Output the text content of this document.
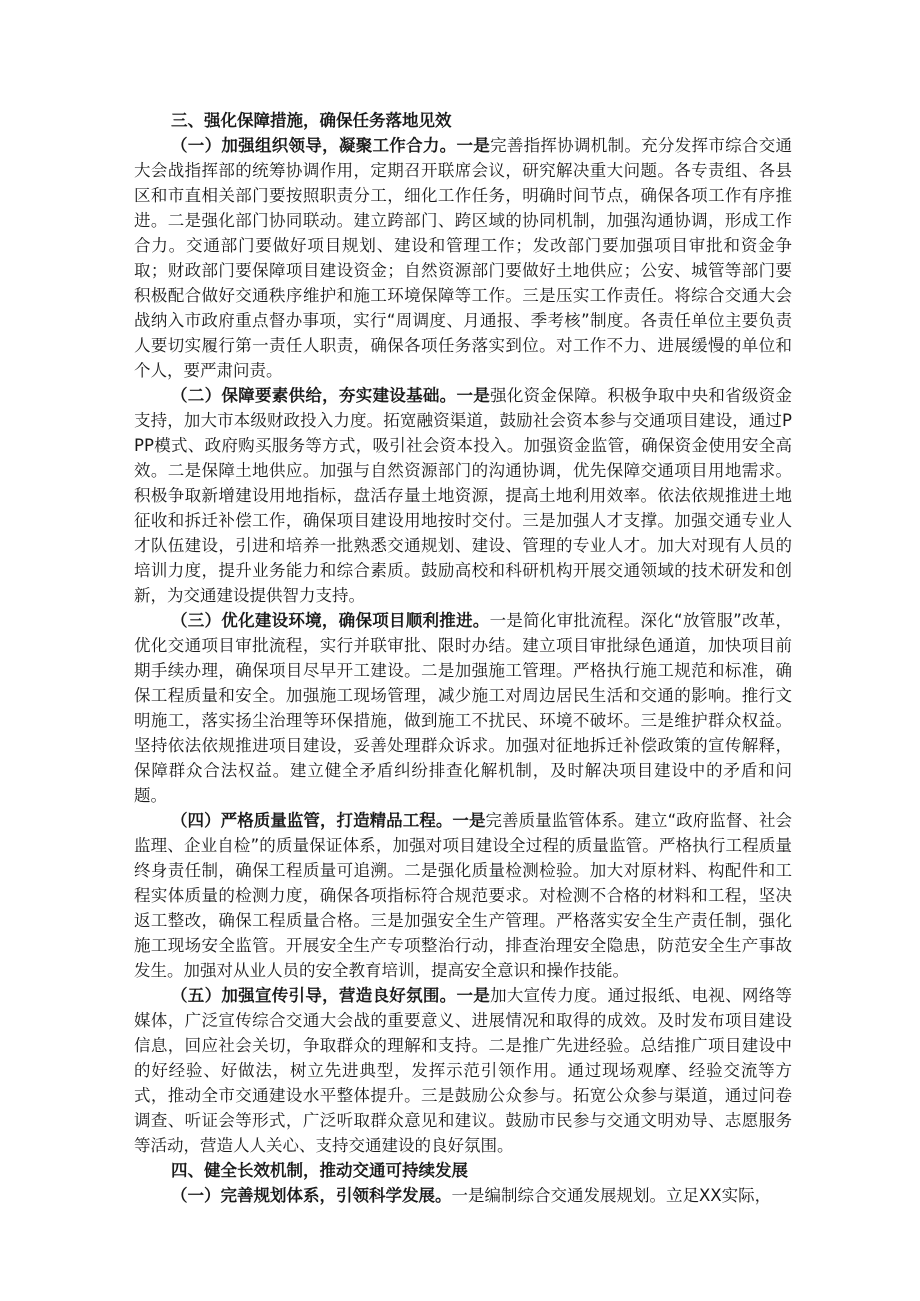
三、强化保障措施，确保任务落地见效

（一）加强组织领导，凝聚工作合力。一是完善指挥协调机制。充分发挥市综合交通大会战指挥部的统筹协调作用，定期召开联席会议，研究解决重大问题。各专责组、各县区和市直相关部门要按照职责分工，细化工作任务，明确时间节点，确保各项工作有序推进。二是强化部门协同联动。建立跨部门、跨区域的协同机制，加强沟通协调，形成工作合力。交通部门要做好项目规划、建设和管理工作；发改部门要加强项目审批和资金争取；财政部门要保障项目建设资金；自然资源部门要做好土地供应；公安、城管等部门要积极配合做好交通秩序维护和施工环境保障等工作。三是压实工作责任。将综合交通大会战纳入市政府重点督办事项，实行“周调度、月通报、季考核”制度。各责任单位主要负责人要切实履行第一责任人职责，确保各项任务落实到位。对工作不力、进展缓慢的单位和个人，要严肃问责。

（二）保障要素供给，夯实建设基础。一是强化资金保障。积极争取中央和省级资金支持，加大市本级财政投入力度。拓宽融资渠道，鼓励社会资本参与交通项目建设，通过PPP模式、政府购买服务等方式，吸引社会资本投入。加强资金监管，确保资金使用安全高效。二是保障土地供应。加强与自然资源部门的沟通协调，优先保障交通项目用地需求。积极争取新增建设用地指标，盘活存量土地资源，提高土地利用效率。依法依规推进土地征收和拆迁补偿工作，确保项目建设用地按时交付。三是加强人才支撑。加强交通专业人才队伍建设，引进和培养一批熟悉交通规划、建设、管理的专业人才。加大对现有人员的培训力度，提升业务能力和综合素质。鼓励高校和科研机构开展交通领域的技术研发和创新，为交通建设提供智力支持。

（三）优化建设环境，确保项目顺利推进。一是简化审批流程。深化“放管服”改革，优化交通项目审批流程，实行并联审批、限时办结。建立项目审批绿色通道，加快项目前期手续办理，确保项目尽早开工建设。二是加强施工管理。严格执行施工规范和标准，确保工程质量和安全。加强施工现场管理，减少施工对周边居民生活和交通的影响。推行文明施工，落实扬尘治理等环保措施，做到施工不扰民、环境不破坏。三是维护群众权益。坚持依法依规推进项目建设，妥善处理群众诉求。加强对征地拆迁补偿政策的宣传解释，保障群众合法权益。建立健全矛盾纠纷排查化解机制，及时解决项目建设中的矛盾和问题。

（四）严格质量监管，打造精品工程。一是完善质量监管体系。建立“政府监督、社会监理、企业自检”的质量保证体系，加强对项目建设全过程的质量监管。严格执行工程质量终身责任制，确保工程质量可追溯。二是强化质量检测检验。加大对原材料、构配件和工程实体质量的检测力度，确保各项指标符合规范要求。对检测不合格的材料和工程，坚决返工整改，确保工程质量合格。三是加强安全生产管理。严格落实安全生产责任制，强化施工现场安全监管。开展安全生产专项整治行动，排查治理安全隐患，防范安全生产事故发生。加强对从业人员的安全教育培训，提高安全意识和操作技能。

（五）加强宣传引导，营造良好氛围。一是加大宣传力度。通过报纸、电视、网络等媒体，广泛宣传综合交通大会战的重要意义、进展情况和取得的成效。及时发布项目建设信息，回应社会关切，争取群众的理解和支持。二是推广先进经验。总结推广项目建设中的好经验、好做法，树立先进典型，发挥示范引领作用。通过现场观摩、经验交流等方式，推动全市交通建设水平整体提升。三是鼓励公众参与。拓宽公众参与渠道，通过问卷调查、听证会等形式，广泛听取群众意见和建议。鼓励市民参与交通文明劝导、志愿服务等活动，营造人人关心、支持交通建设的良好氛围。

四、健全长效机制，推动交通可持续发展

（一）完善规划体系，引领科学发展。一是编制综合交通发展规划。立足XX实际，
